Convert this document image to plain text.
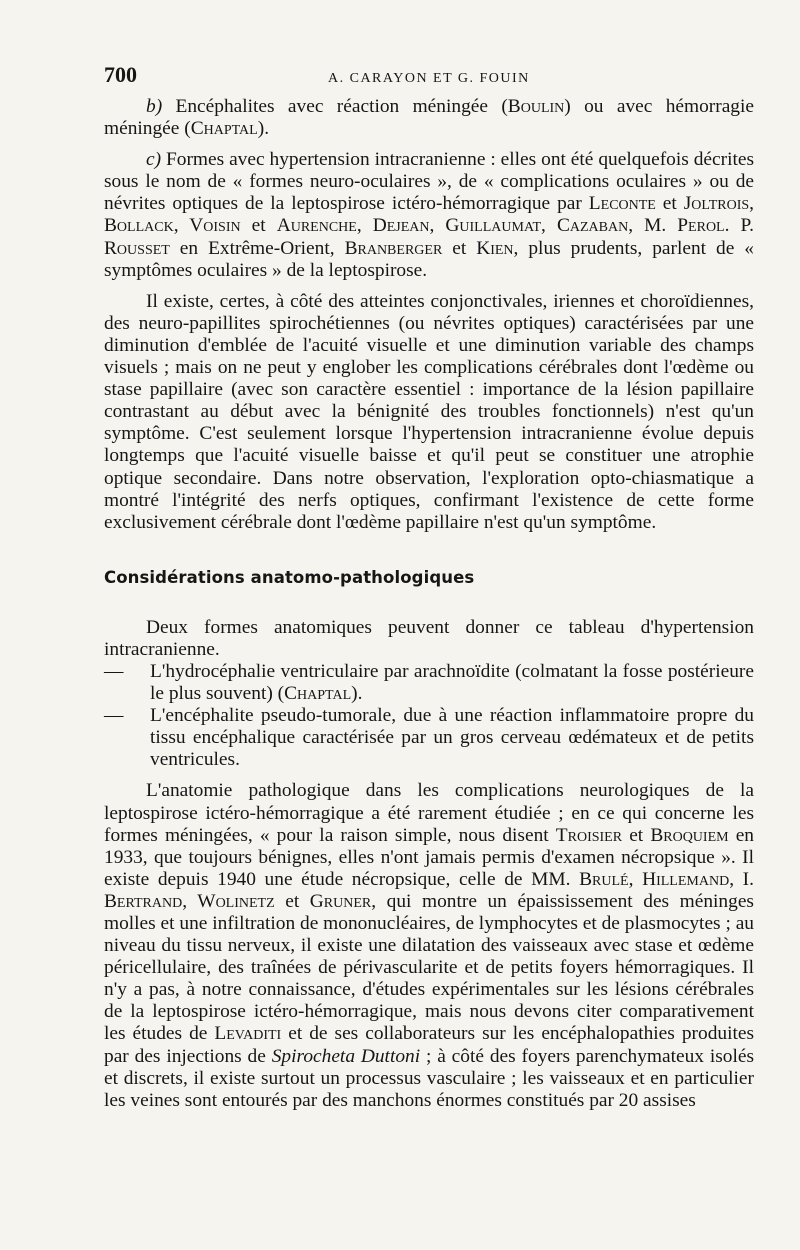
700	A. CARAYON ET G. FOUIN

b) Encéphalites avec réaction méningée (Boulin) ou avec hémorragie méningée (Chaptal).

c) Formes avec hypertension intracranienne : elles ont été quelquefois décrites sous le nom de « formes neuro-oculaires », de « complications oculaires » ou de névrites optiques de la leptospirose ictéro-hémorragique par Leconte et Joltrois, Bollack, Voisin et Aurenche, Dejean, Guillaumat, Cazaban, M. Perol. P. Rousset en Extrême-Orient, Branberger et Kien, plus prudents, parlent de « symptômes oculaires » de la leptospirose.

Il existe, certes, à côté des atteintes conjonctivales, iriennes et choroïdiennes, des neuro-papillites spirochétiennes (ou névrites optiques) caractérisées par une diminution d'emblée de l'acuité visuelle et une diminution variable des champs visuels ; mais on ne peut y englober les complications cérébrales dont l'œdème ou stase papillaire (avec son caractère essentiel : importance de la lésion papillaire contrastant au début avec la bénignité des troubles fonctionnels) n'est qu'un symptôme. C'est seulement lorsque l'hypertension intracranienne évolue depuis longtemps que l'acuité visuelle baisse et qu'il peut se constituer une atrophie optique secondaire. Dans notre observation, l'exploration opto-chiasmatique a montré l'intégrité des nerfs optiques, confirmant l'existence de cette forme exclusivement cérébrale dont l'œdème papillaire n'est qu'un symptôme.

Considérations anatomo-pathologiques

Deux formes anatomiques peuvent donner ce tableau d'hypertension intracranienne.

—	L'hydrocéphalie ventriculaire par arachnoïdite (colmatant la fosse postérieure le plus souvent) (Chaptal).
—	L'encéphalite pseudo-tumorale, due à une réaction inflammatoire propre du tissu encéphalique caractérisée par un gros cerveau œdémateux et de petits ventricules.

L'anatomie pathologique dans les complications neurologiques de la leptospirose ictéro-hémorragique a été rarement étudiée ; en ce qui concerne les formes méningées, « pour la raison simple, nous disent Troisier et Broquiem en 1933, que toujours bénignes, elles n'ont jamais permis d'examen nécropsique ». Il existe depuis 1940 une étude nécropsique, celle de MM. Brulé, Hillemand, I. Bertrand, Wolinetz et Gruner, qui montre un épaississement des méninges molles et une infiltration de mononucléaires, de lymphocytes et de plasmocytes ; au niveau du tissu nerveux, il existe une dilatation des vaisseaux avec stase et œdème péricellulaire, des traînées de périvascularite et de petits foyers hémorragiques. Il n'y a pas, à notre connaissance, d'études expérimentales sur les lésions cérébrales de la leptospirose ictéro-hémorragique, mais nous devons citer comparativement les études de Levaditi et de ses collaborateurs sur les encéphalopathies produites par des injections de Spirocheta Duttoni ; à côté des foyers parenchymateux isolés et discrets, il existe surtout un processus vasculaire ; les vaisseaux et en particulier les veines sont entourés par des manchons énormes constitués par 20 assises
